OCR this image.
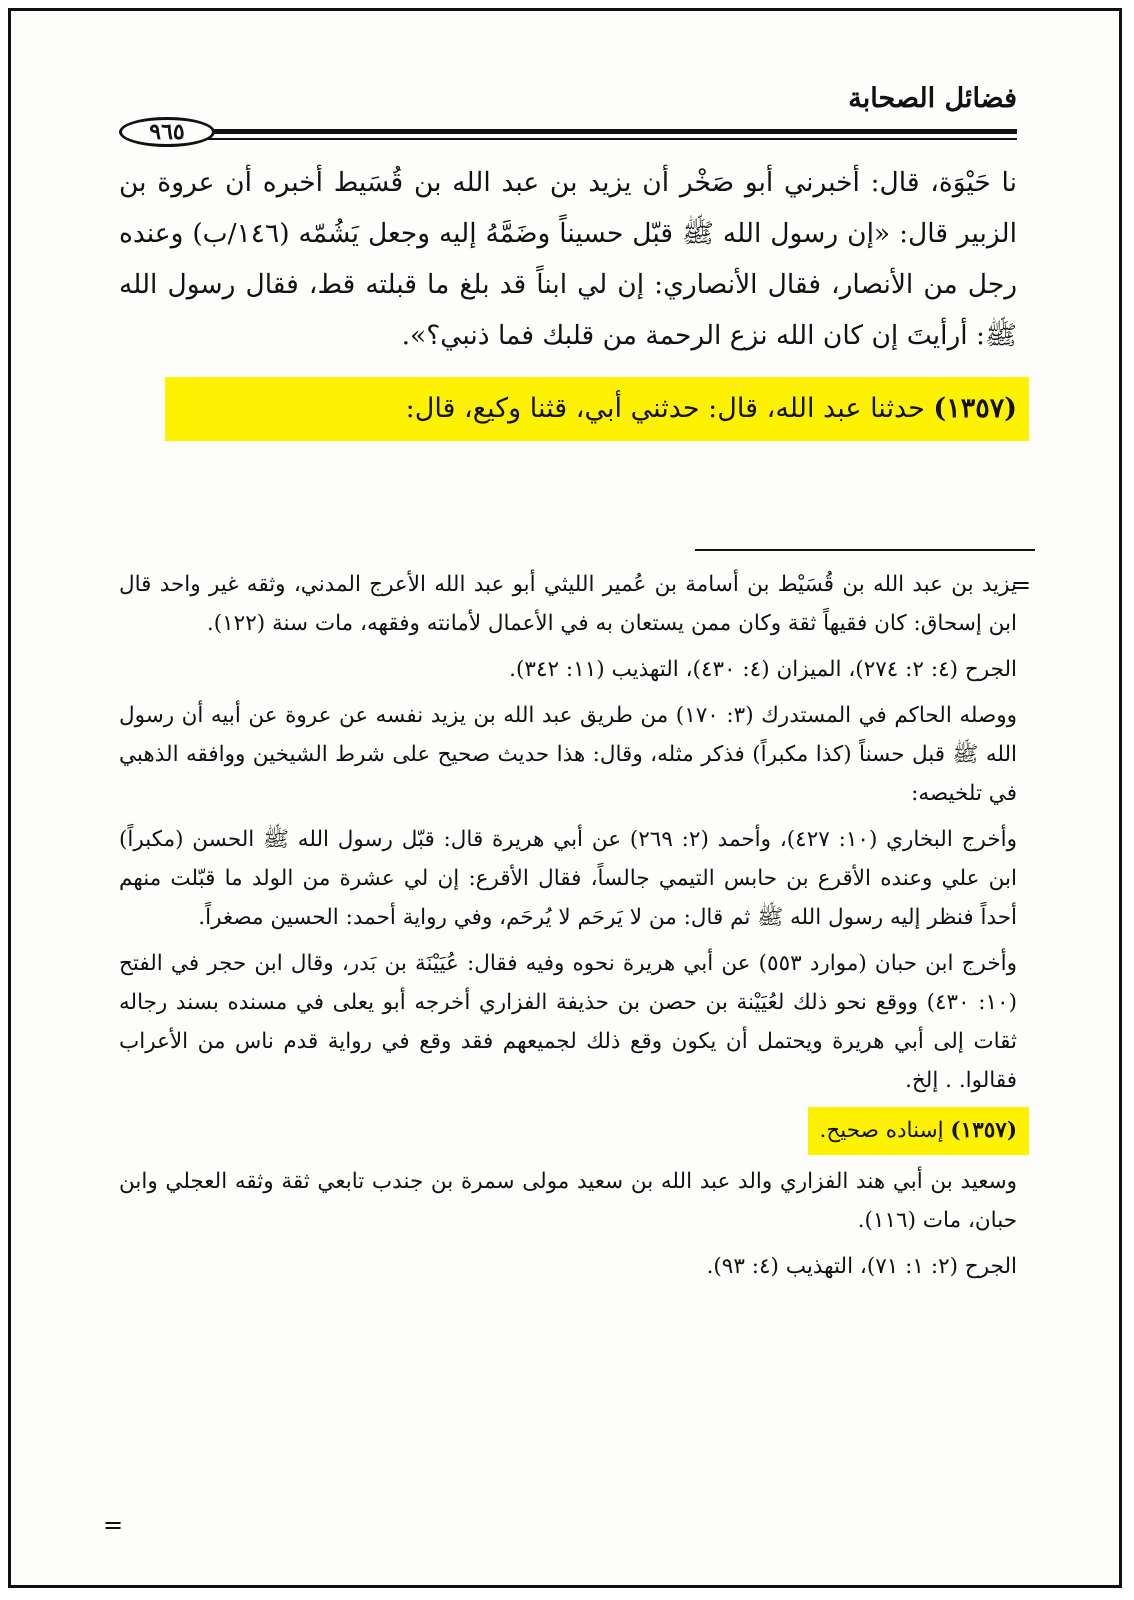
فضائل الصحابة
٩٦٥

نا حَيْوَة، قال: أخبرني أبو صَخْر أن يزيد بن عبد الله بن قُسَيط أخبره أن عروة بن الزبير قال: «إن رسول الله ﷺ قبّل حسيناً وضَمَّهُ إليه وجعل يَشُمّه (١٤٦/ب) وعنده رجل من الأنصار، فقال الأنصاري: إن لي ابناً قد بلغ ما قبلته قط، فقال رسول الله ﷺ: أرأيتَ إن كان الله نزع الرحمة من قلبك فما ذنبي؟».

(١٣٥٧) حدثنا عبد الله، قال: حدثني أبي، قثنا وكيع، قال:
=

يزيد بن عبد الله بن قُسَيْط بن أسامة بن عُمير الليثي أبو عبد الله الأعرج المدني، وثقه غير واحد قال ابن إسحاق: كان فقيهاً ثقة وكان ممن يستعان به في الأعمال لأمانته وفقهه، مات سنة (١٢٢).

الجرح (٤: ٢: ٢٧٤)، الميزان (٤: ٤٣٠)، التهذيب (١١: ٣٤٢).

ووصله الحاكم في المستدرك (٣: ١٧٠) من طريق عبد الله بن يزيد نفسه عن عروة عن أبيه أن رسول الله ﷺ قبل حسناً (كذا مكبراً) فذكر مثله، وقال: هذا حديث صحيح على شرط الشيخين ووافقه الذهبي في تلخيصه:

وأخرج البخاري (١٠: ٤٢٧)، وأحمد (٢: ٢٦٩) عن أبي هريرة قال: قبّل رسول الله ﷺ الحسن (مكبراً) ابن علي وعنده الأقرع بن حابس التيمي جالساً، فقال الأقرع: إن لي عشرة من الولد ما قبّلت منهم أحداً فنظر إليه رسول الله ﷺ ثم قال: من لا يَرحَم لا يُرحَم، وفي رواية أحمد: الحسين مصغراً.

وأخرج ابن حبان (موارد ٥٥٣) عن أبي هريرة نحوه وفيه فقال: عُيَيْنَة بن بَدر، وقال ابن حجر في الفتح (١٠: ٤٣٠) ووقع نحو ذلك لعُيَيْنة بن حصن بن حذيفة الفزاري أخرجه أبو يعلى في مسنده بسند رجاله ثقات إلى أبي هريرة ويحتمل أن يكون وقع ذلك لجميعهم فقد وقع في رواية قدم ناس من الأعراب فقالوا. . إلخ.

(١٣٥٧) إسناده صحيح.

وسعيد بن أبي هند الفزاري والد عبد الله بن سعيد مولى سمرة بن جندب تابعي ثقة وثقه العجلي وابن حبان، مات (١١٦).

الجرح (٢: ١: ٧١)، التهذيب (٤: ٩٣).

=
